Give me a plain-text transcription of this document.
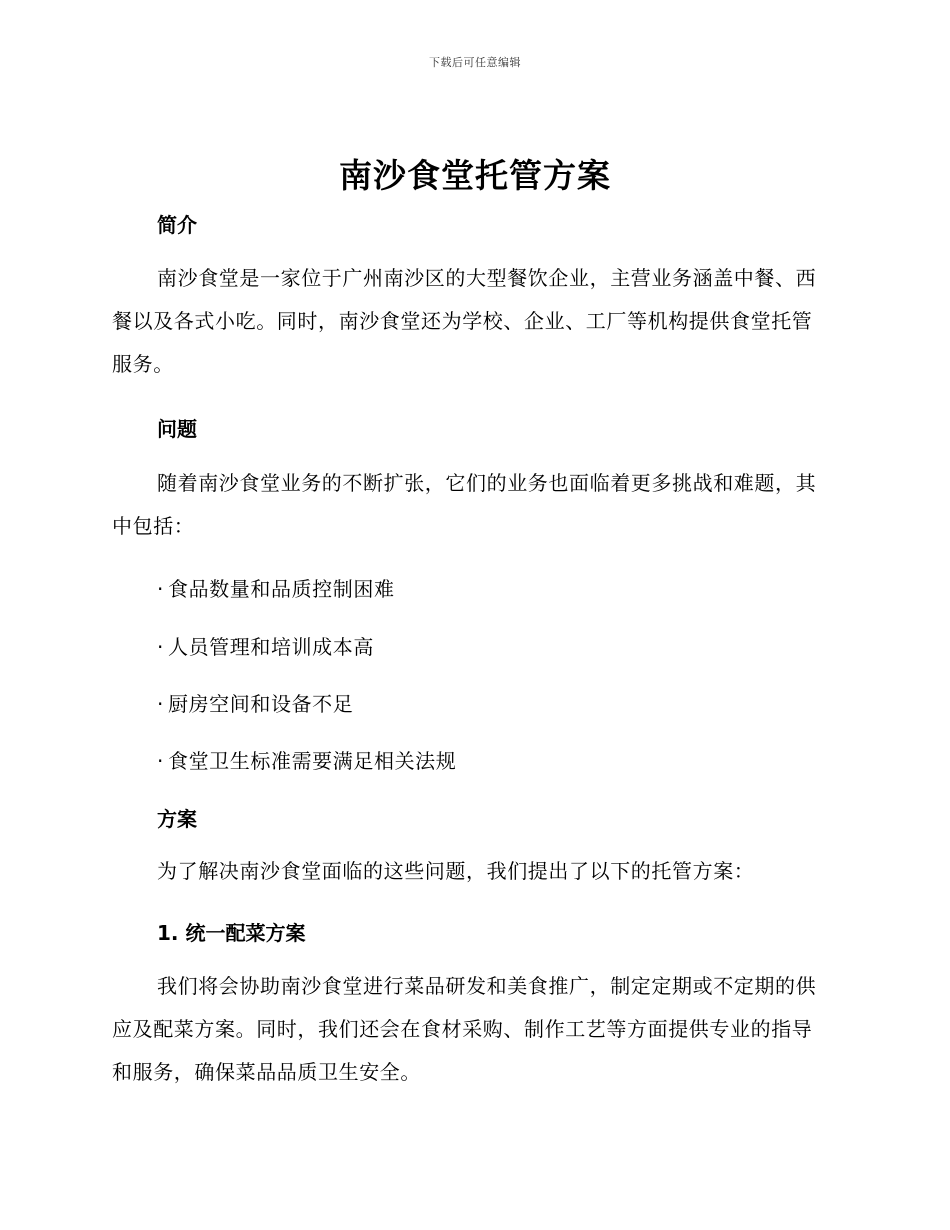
下载后可任意编辑
南沙食堂托管方案
简介
南沙食堂是一家位于广州南沙区的大型餐饮企业，主营业务涵盖中餐、西餐以及各式小吃。同时，南沙食堂还为学校、企业、工厂等机构提供食堂托管服务。
问题
随着南沙食堂业务的不断扩张，它们的业务也面临着更多挑战和难题，其中包括：
· 食品数量和品质控制困难
· 人员管理和培训成本高
· 厨房空间和设备不足
· 食堂卫生标准需要满足相关法规
方案
为了解决南沙食堂面临的这些问题，我们提出了以下的托管方案：
1. 统一配菜方案
我们将会协助南沙食堂进行菜品研发和美食推广，制定定期或不定期的供应及配菜方案。同时，我们还会在食材采购、制作工艺等方面提供专业的指导和服务，确保菜品品质卫生安全。
